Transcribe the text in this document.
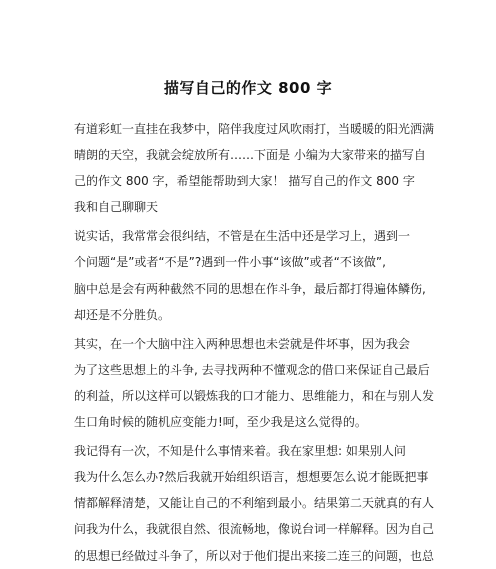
描写自己的作文 800 字
有道彩虹一直挂在我梦中，陪伴我度过风吹雨打，当暖暖的阳光洒满
晴朗的天空，我就会绽放所有……下面是 小编为大家带来的描写自
己的作文 800 字，希望能帮助到大家！ 描写自己的作文 800 字
我和自己聊聊天
说实话，我常常会很纠结，不管是在生活中还是学习上，遇到一
个问题“是”或者“不是”?遇到一件小事“该做”或者“不该做”,
脑中总是会有两种截然不同的思想在作斗争，最后都打得遍体鳞伤,
却还是不分胜负。
其实，在一个大脑中注入两种思想也未尝就是件坏事，因为我会
为了这些思想上的斗争, 去寻找两种不懂观念的借口来保证自己最后
的利益，所以这样可以锻炼我的口才能力、思维能力，和在与别人发
生口角时候的随机应变能力!呵，至少我是这么觉得的。
我记得有一次，不知是什么事情来着。我在家里想: 如果别人问
我为什么怎么办?然后我就开始组织语言，想想要怎么说才能既把事
情都解释清楚，又能让自己的不利缩到最小。结果第二天就真的有人
问我为什么，我就很自然、很流畅地，像说台词一样解释。因为自己
的思想已经做过斗争了，所以对于他们提出来接二连三的问题，也总
